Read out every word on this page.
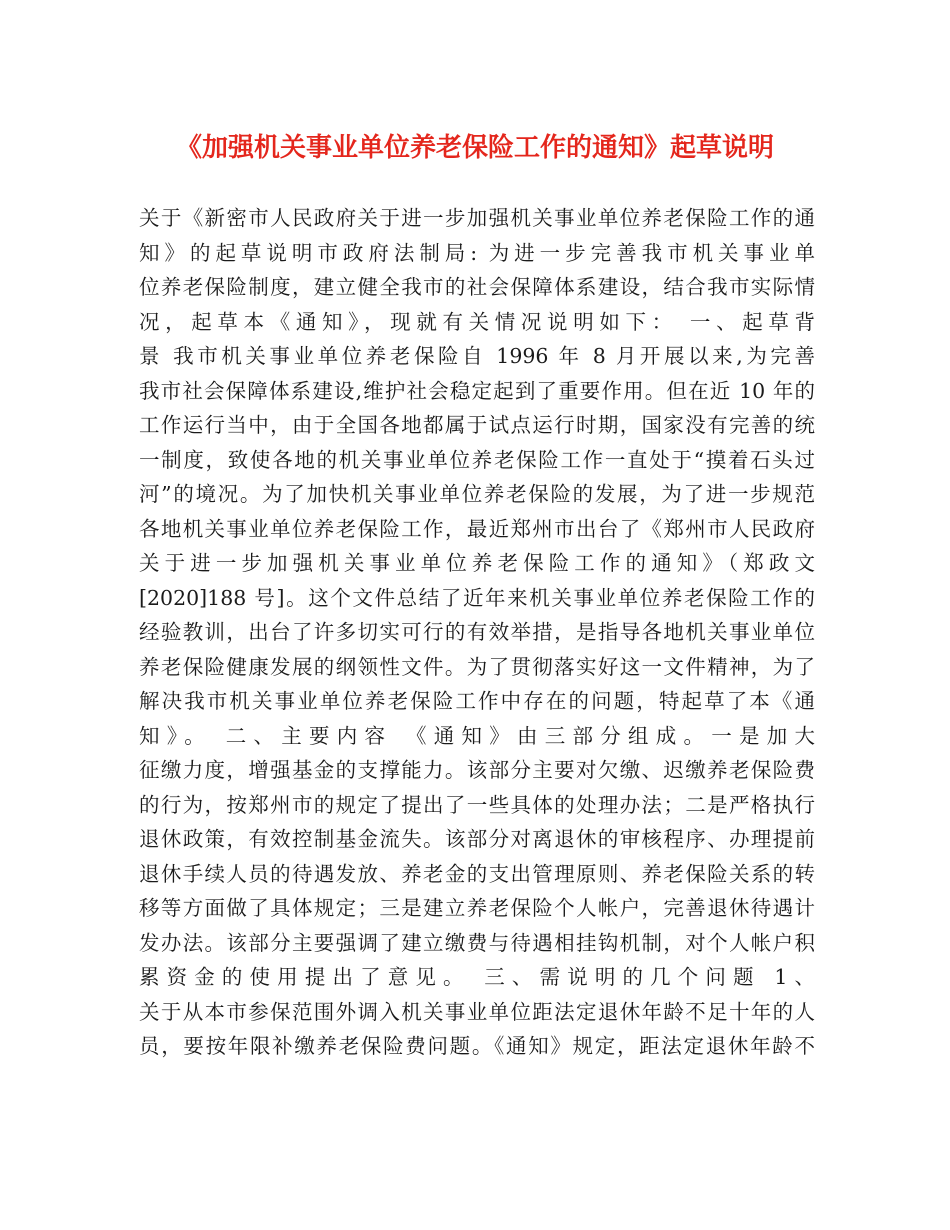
《加强机关事业单位养老保险工作的通知》起草说明

关于《新密市人民政府关于进一步加强机关事业单位养老保险工作的通

知》的起草说明市政府法制局: 为进一步完善我市机关事业单

位养老保险制度，建立健全我市的社会保障体系建设，结合我市实际情

况，起草本《通知》，现就有关情况说明如下： 一、起草背

景 我市机关事业单位养老保险自 1996 年 8 月开展以来,为完善

我市社会保障体系建设,维护社会稳定起到了重要作用。但在近 10 年的

工作运行当中，由于全国各地都属于试点运行时期，国家没有完善的统

一制度，致使各地的机关事业单位养老保险工作一直处于“摸着石头过

河”的境况。为了加快机关事业单位养老保险的发展，为了进一步规范

各地机关事业单位养老保险工作，最近郑州市出台了《郑州市人民政府

关于进一步加强机关事业单位养老保险工作的通知》（郑政文

[2020]188 号]。这个文件总结了近年来机关事业单位养老保险工作的

经验教训，出台了许多切实可行的有效举措，是指导各地机关事业单位

养老保险健康发展的纲领性文件。为了贯彻落实好这一文件精神，为了

解决我市机关事业单位养老保险工作中存在的问题，特起草了本《通

知》。 二、主要内容 《通知》由三部分组成。一是加大

征缴力度，增强基金的支撑能力。该部分主要对欠缴、迟缴养老保险费

的行为，按郑州市的规定了提出了一些具体的处理办法；二是严格执行

退休政策，有效控制基金流失。该部分对离退休的审核程序、办理提前

退休手续人员的待遇发放、养老金的支出管理原则、养老保险关系的转

移等方面做了具体规定；三是建立养老保险个人帐户，完善退休待遇计

发办法。该部分主要强调了建立缴费与待遇相挂钩机制，对个人帐户积

累资金的使用提出了意见。 三、需说明的几个问题 1、

关于从本市参保范围外调入机关事业单位距法定退休年龄不足十年的人

员，要按年限补缴养老保险费问题。《通知》规定，距法定退休年龄不
